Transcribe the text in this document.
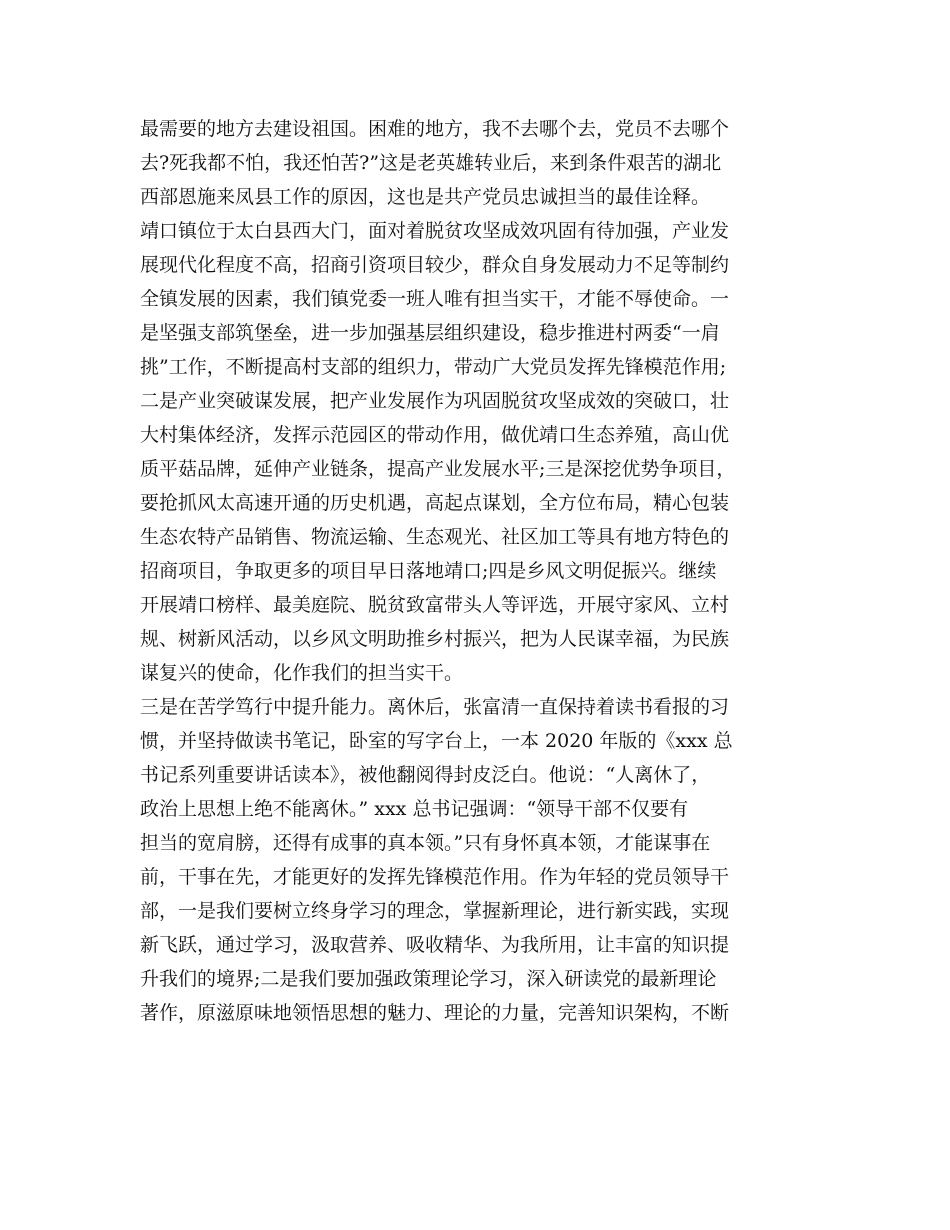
最需要的地方去建设祖国。困难的地方，我不去哪个去，党员不去哪个
去?死我都不怕，我还怕苦?”这是老英雄转业后，来到条件艰苦的湖北
西部恩施来凤县工作的原因，这也是共产党员忠诚担当的最佳诠释。
靖口镇位于太白县西大门，面对着脱贫攻坚成效巩固有待加强，产业发
展现代化程度不高，招商引资项目较少，群众自身发展动力不足等制约
全镇发展的因素，我们镇党委一班人唯有担当实干，才能不辱使命。一
是坚强支部筑堡垒，进一步加强基层组织建设，稳步推进村两委“一肩
挑”工作，不断提高村支部的组织力，带动广大党员发挥先锋模范作用;
二是产业突破谋发展，把产业发展作为巩固脱贫攻坚成效的突破口，壮
大村集体经济，发挥示范园区的带动作用，做优靖口生态养殖，高山优
质平菇品牌，延伸产业链条，提高产业发展水平;三是深挖优势争项目，
要抢抓风太高速开通的历史机遇，高起点谋划，全方位布局，精心包装
生态农特产品销售、物流运输、生态观光、社区加工等具有地方特色的
招商项目，争取更多的项目早日落地靖口;四是乡风文明促振兴。继续
开展靖口榜样、最美庭院、脱贫致富带头人等评选，开展守家风、立村
规、树新风活动，以乡风文明助推乡村振兴，把为人民谋幸福，为民族
谋复兴的使命，化作我们的担当实干。
三是在苦学笃行中提升能力。离休后，张富清一直保持着读书看报的习
惯，并坚持做读书笔记，卧室的写字台上，一本 2020 年版的《xxx 总
书记系列重要讲话读本》，被他翻阅得封皮泛白。他说：“人离休了，
政治上思想上绝不能离休。” xxx 总书记强调：“领导干部不仅要有
担当的宽肩膀，还得有成事的真本领。”只有身怀真本领，才能谋事在
前，干事在先，才能更好的发挥先锋模范作用。作为年轻的党员领导干
部，一是我们要树立终身学习的理念，掌握新理论，进行新实践，实现
新飞跃，通过学习，汲取营养、吸收精华、为我所用，让丰富的知识提
升我们的境界;二是我们要加强政策理论学习，深入研读党的最新理论
著作，原滋原味地领悟思想的魅力、理论的力量，完善知识架构，不断
